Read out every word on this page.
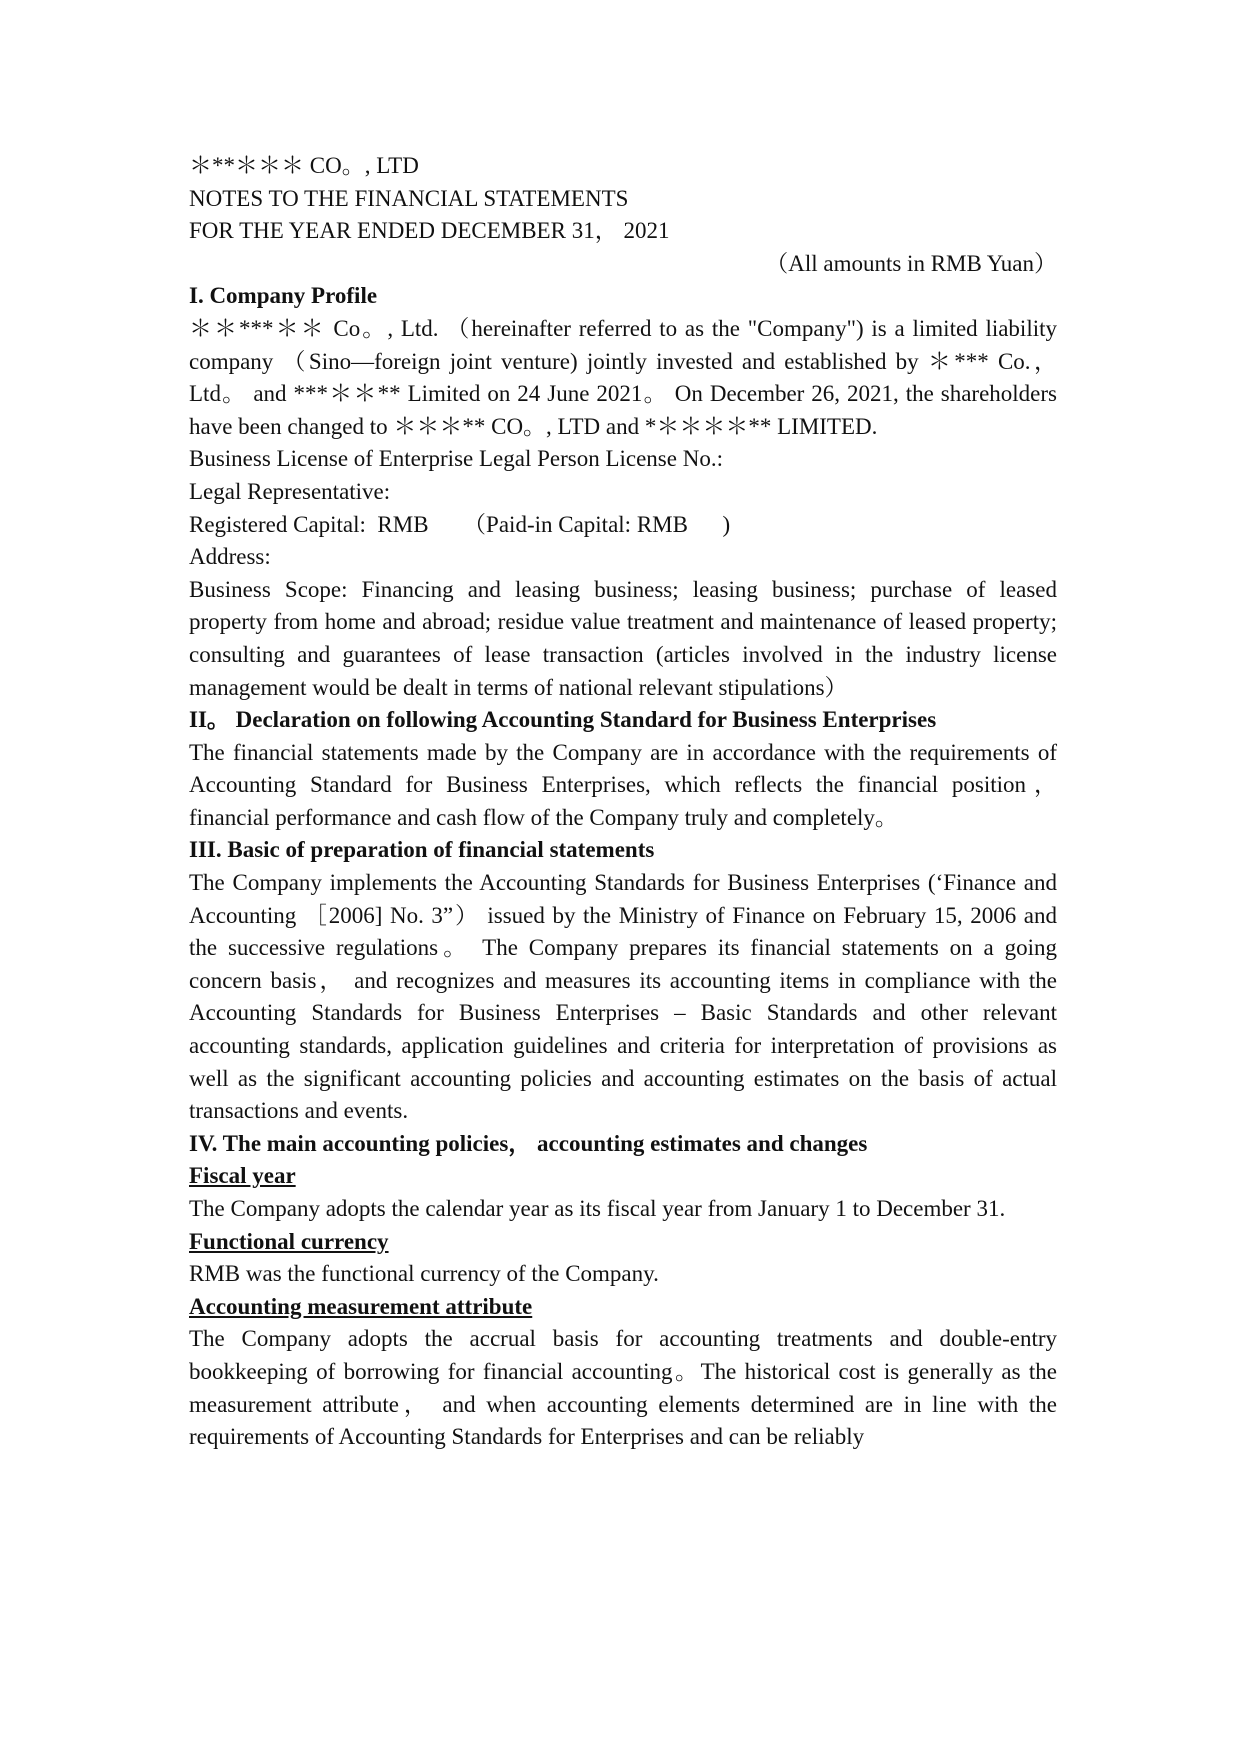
＊**＊＊＊ CO。, LTD
NOTES TO THE FINANCIAL STATEMENTS
FOR THE YEAR ENDED DECEMBER 31， 2021
（All amounts in RMB Yuan）
I. Company Profile

＊＊***＊＊ Co。, Ltd. （hereinafter referred to as the "Company") is a limited liability company （Sino—foreign joint venture) jointly invested and established by ＊*** Co.， Ltd。 and ***＊＊** Limited on 24 June 2021。 On December 26, 2021, the shareholders have been changed to ＊＊＊** CO。, LTD and *＊＊＊＊** LIMITED.

Business License of Enterprise Legal Person License No.:

Legal Representative:

Registered Capital:  RMB      （Paid-in Capital: RMB      )

Address:

Business Scope: Financing and leasing business; leasing business; purchase of leased property from home and abroad; residue value treatment and maintenance of leased property; consulting and guarantees of lease transaction (articles involved in the industry license management would be dealt in terms of national relevant stipulations）

II。 Declaration on following Accounting Standard for Business Enterprises

The financial statements made by the Company are in accordance with the requirements of Accounting Standard for Business Enterprises, which reflects the financial position， financial performance and cash flow of the Company truly and completely。

III. Basic of preparation of financial statements

The Company implements the Accounting Standards for Business Enterprises (‘Finance and Accounting ［2006] No. 3”） issued by the Ministry of Finance on February 15, 2006 and the successive regulations。 The Company prepares its financial statements on a going concern basis， and recognizes and measures its accounting items in compliance with the Accounting Standards for Business Enterprises – Basic Standards and other relevant accounting standards, application guidelines and criteria for interpretation of provisions as well as the significant accounting policies and accounting estimates on the basis of actual transactions and events.

IV. The main accounting policies， accounting estimates and changes
Fiscal year

The Company adopts the calendar year as its fiscal year from January 1 to December 31.

Functional currency

RMB was the functional currency of the Company.

Accounting measurement attribute

The Company adopts the accrual basis for accounting treatments and double-entry bookkeeping of borrowing for financial accounting。The historical cost is generally as the measurement attribute， and when accounting elements determined are in line with the requirements of Accounting Standards for Enterprises and can be reliably
